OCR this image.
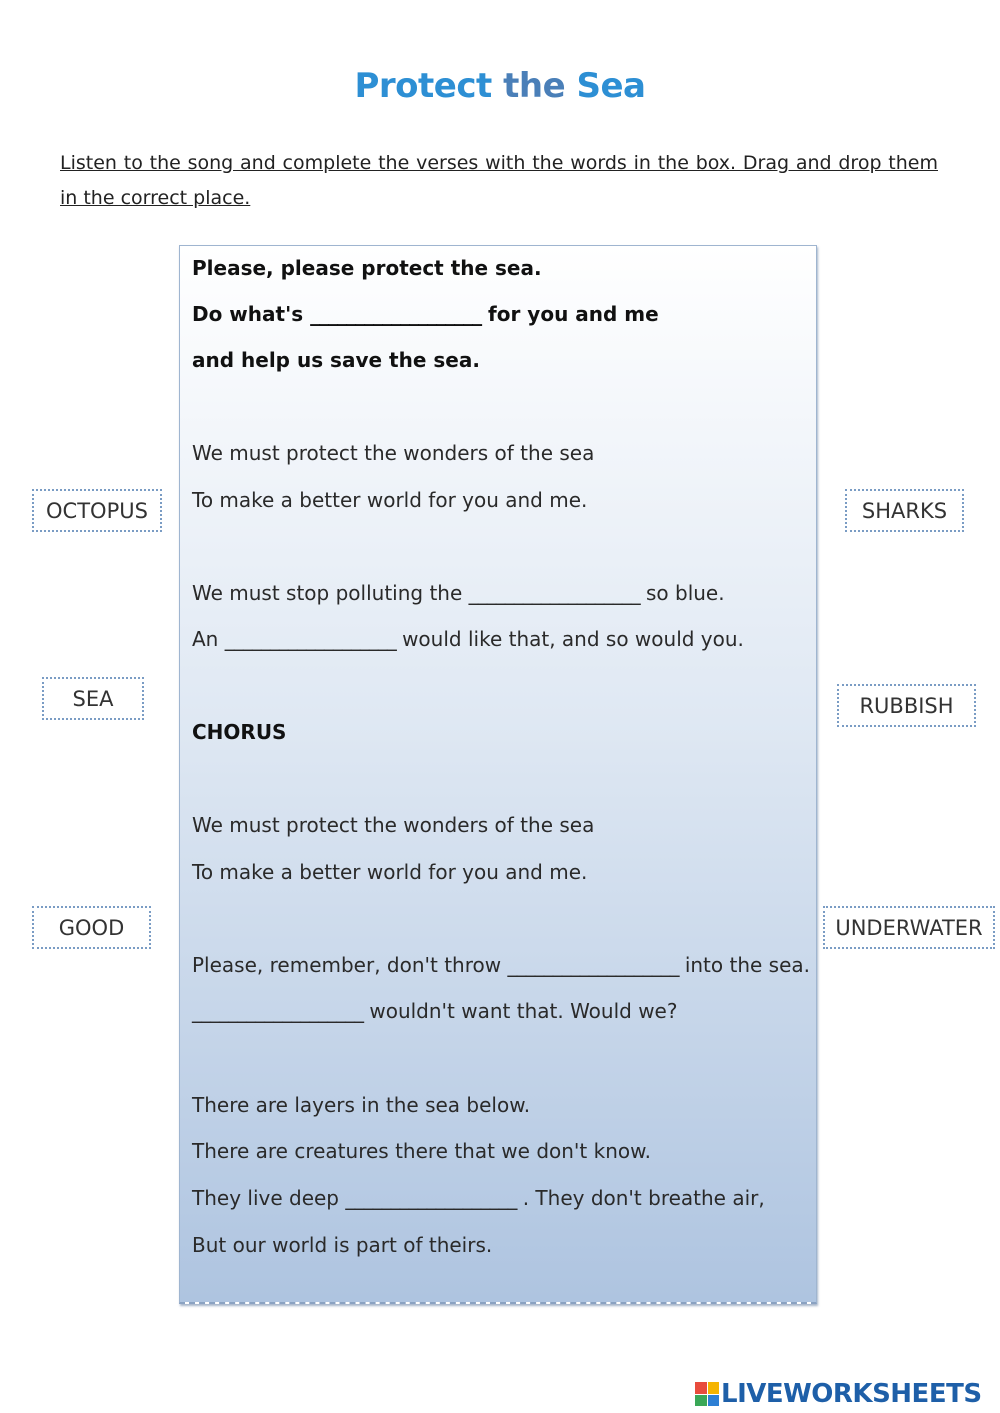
Protect the Sea
Listen to the song and complete the verses with the words in the box. Drag and drop them in the correct place.
Please, please protect the sea.
Do what's ___________________ for you and me
and help us save the sea.
We must protect the wonders of the sea
To make a better world for you and me.
We must stop polluting the ___________________ so blue.
An ___________________ would like that, and so would you.
CHORUS
We must protect the wonders of the sea
To make a better world for you and me.
Please, remember, don't throw ___________________ into the sea.
___________________ wouldn't want that. Would we?
There are layers in the sea below.
There are creatures there that we don't know.
They live deep ___________________ . They don't breathe air,
But our world is part of theirs.
OCTOPUS
SEA
GOOD
SHARKS
RUBBISH
UNDERWATER
LIVEWORKSHEETS
